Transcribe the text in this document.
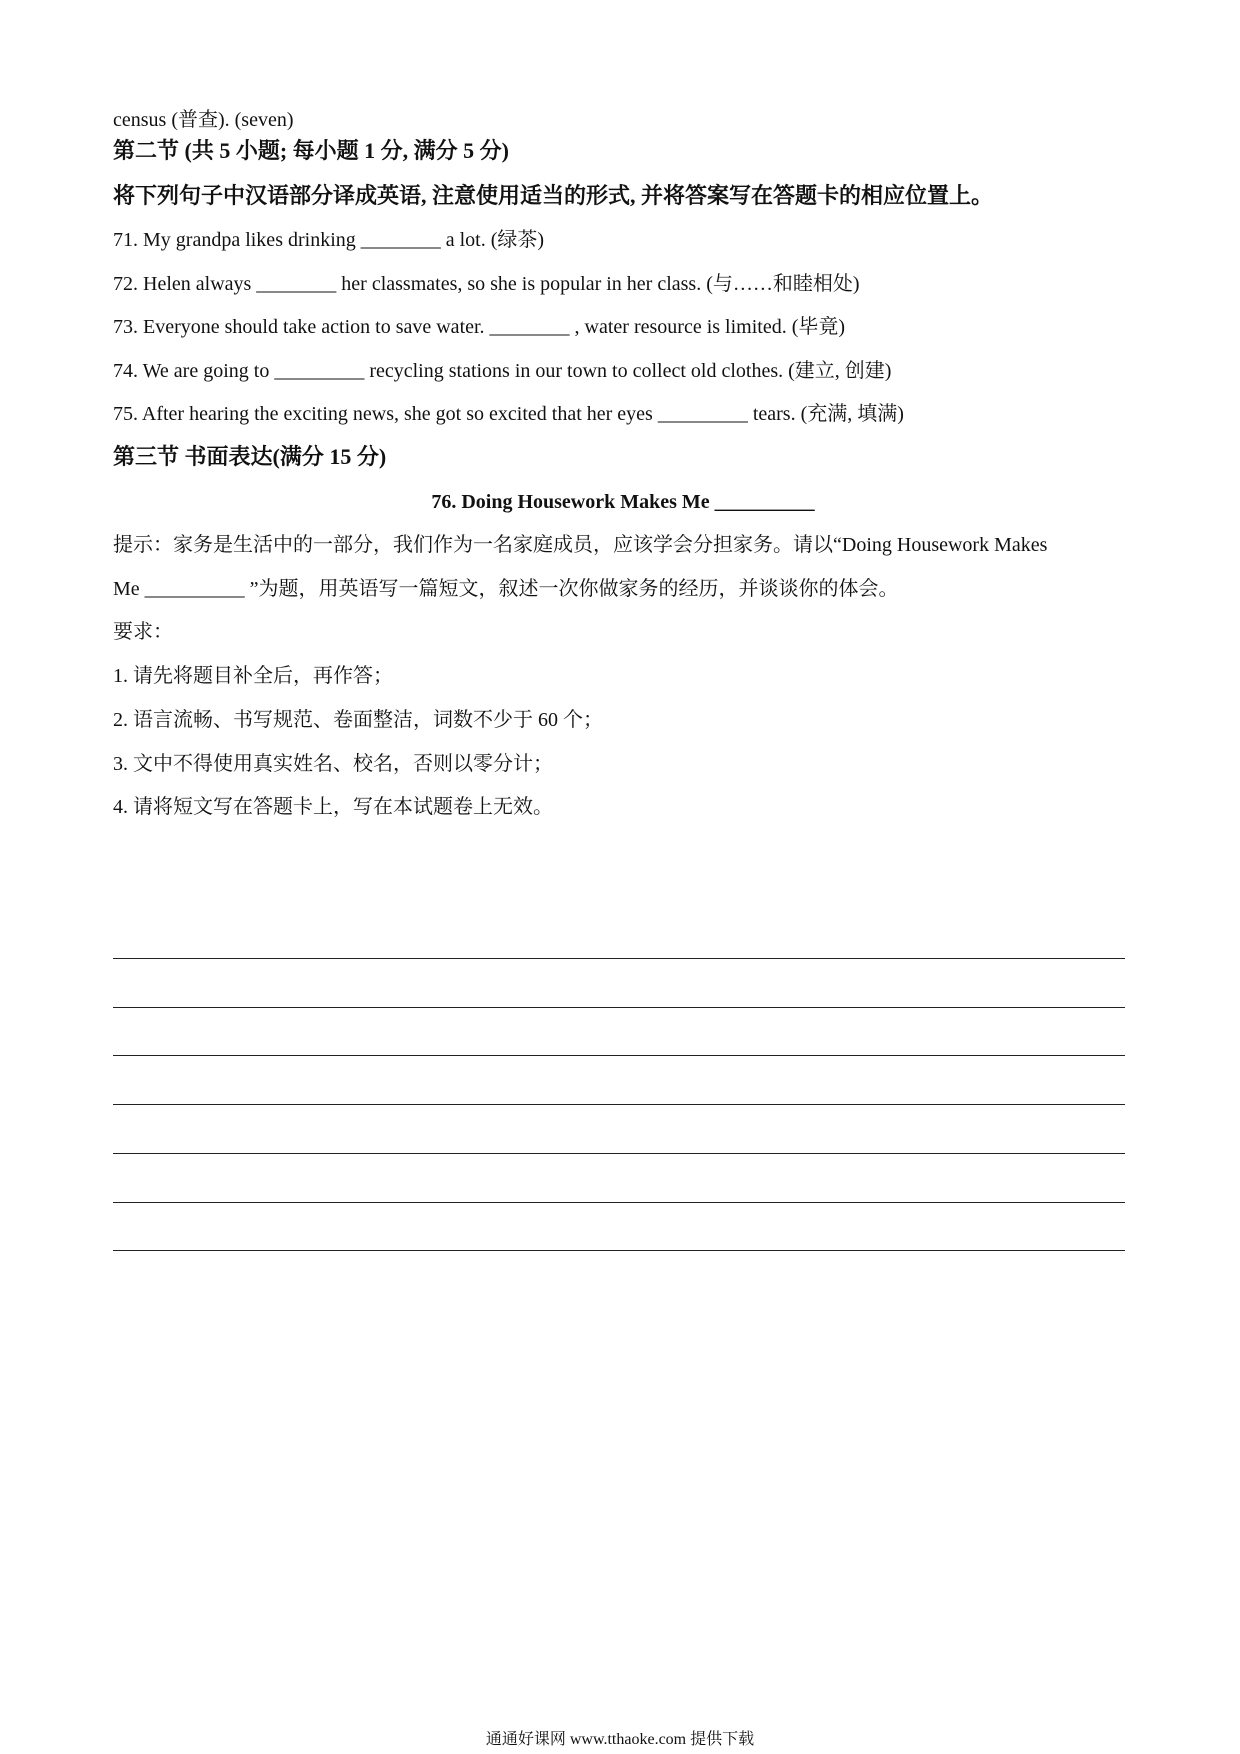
census (普查). (seven)
第二节 (共 5 小题; 每小题 1 分, 满分 5 分)
将下列句子中汉语部分译成英语, 注意使用适当的形式, 并将答案写在答题卡的相应位置上。
71. My grandpa likes drinking ________ a lot. (绿茶)
72. Helen always ________ her classmates, so she is popular in her class. (与……和睦相处)
73. Everyone should take action to save water. ________ , water resource is limited. (毕竟)
74. We are going to _________ recycling stations in our town to collect old clothes. (建立, 创建)
75. After hearing the exciting news, she got so excited that her eyes _________ tears. (充满, 填满)
第三节 书面表达(满分 15 分)
76. Doing Housework Makes Me __________
提示：家务是生活中的一部分，我们作为一名家庭成员，应该学会分担家务。请以“Doing Housework Makes
Me __________ ”为题，用英语写一篇短文，叙述一次你做家务的经历，并谈谈你的体会。
要求：
1. 请先将题目补全后，再作答；
2. 语言流畅、书写规范、卷面整洁，词数不少于 60 个；
3. 文中不得使用真实姓名、校名，否则以零分计；
4. 请将短文写在答题卡上，写在本试题卷上无效。
通通好课网 www.tthaoke.com 提供下载
